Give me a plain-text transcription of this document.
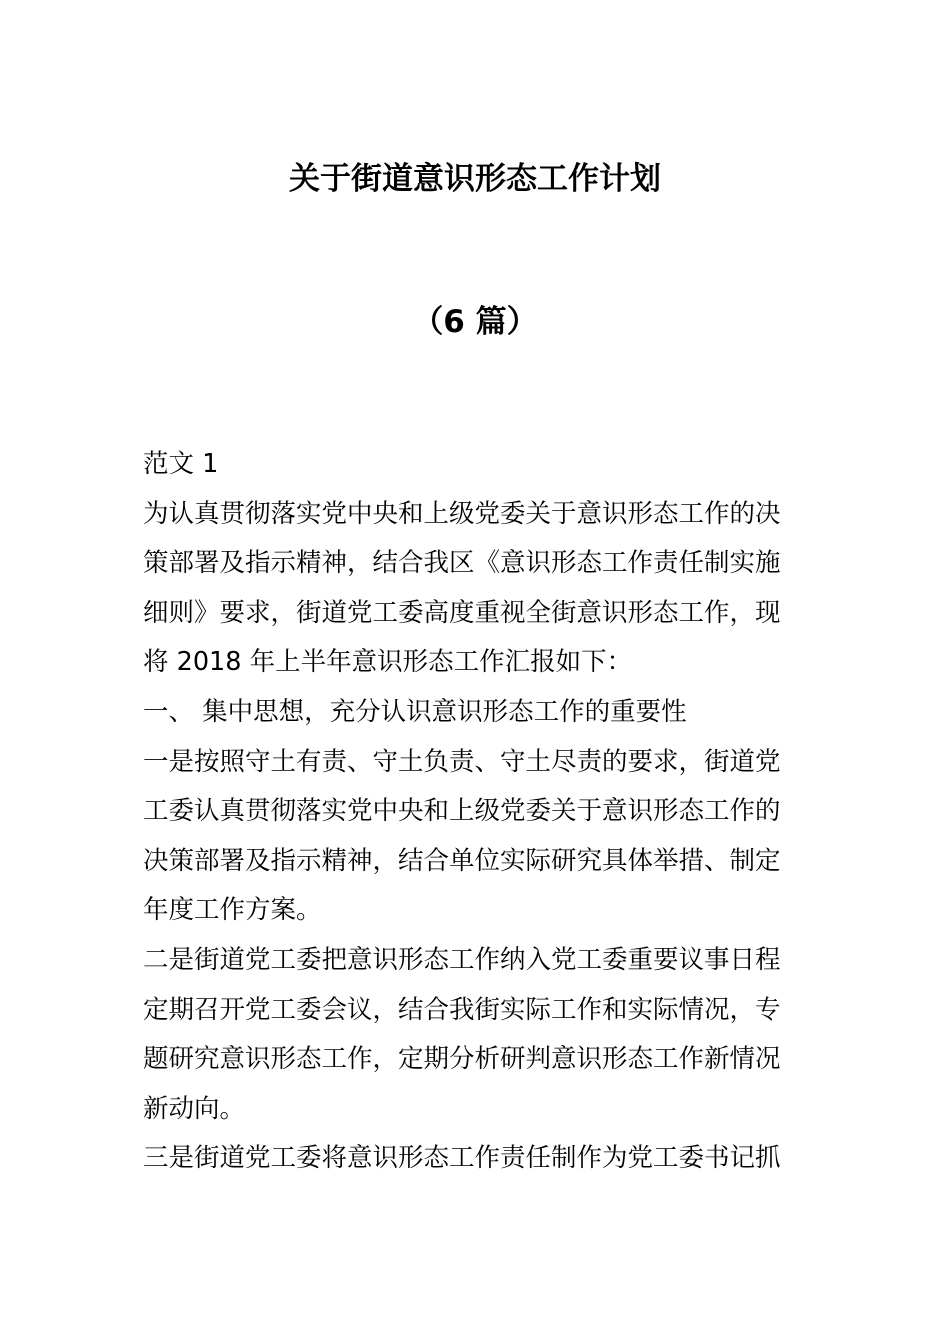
关于街道意识形态工作计划
（6 篇）
范文 1
为认真贯彻落实党中央和上级党委关于意识形态工作的决
策部署及指示精神，结合我区《意识形态工作责任制实施
细则》要求，街道党工委高度重视全街意识形态工作，现
将 2018 年上半年意识形态工作汇报如下：
一、 集中思想，充分认识意识形态工作的重要性
一是按照守土有责、守土负责、守土尽责的要求，街道党
工委认真贯彻落实党中央和上级党委关于意识形态工作的
决策部署及指示精神，结合单位实际研究具体举措、制定
年度工作方案。
二是街道党工委把意识形态工作纳入党工委重要议事日程
定期召开党工委会议，结合我街实际工作和实际情况，专
题研究意识形态工作，定期分析研判意识形态工作新情况
新动向。
三是街道党工委将意识形态工作责任制作为党工委书记抓
